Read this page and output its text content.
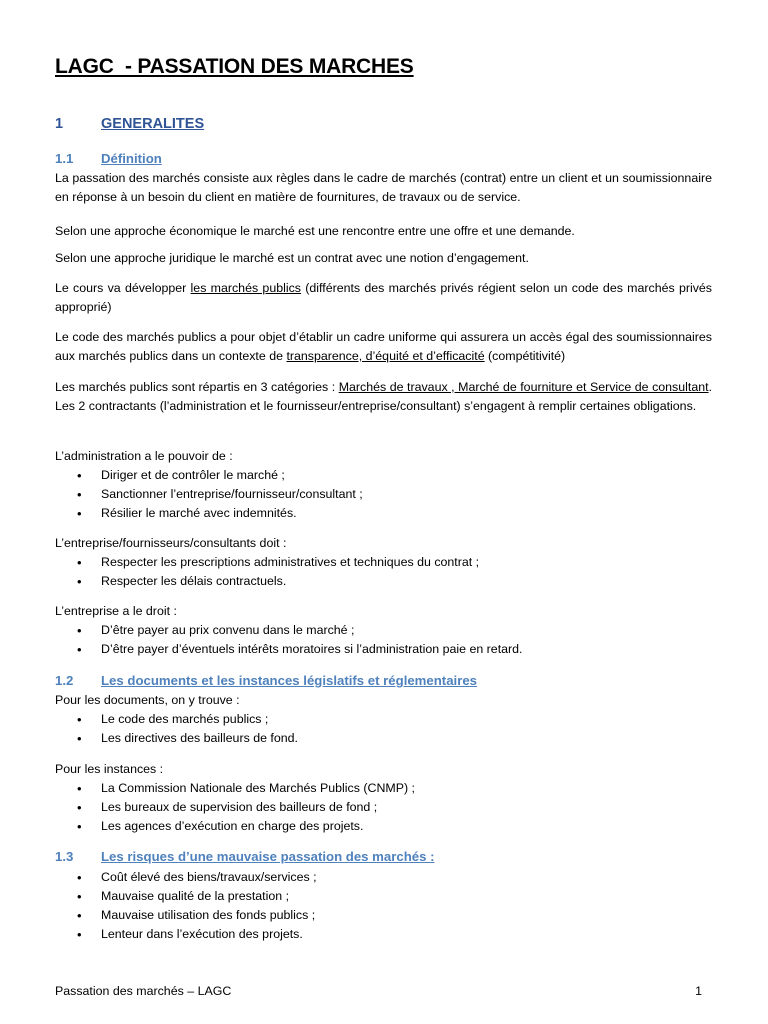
LAGC  - PASSATION DES MARCHES
1	GENERALITES
1.1 Définition

La passation des marchés consiste aux règles dans le cadre de marchés (contrat) entre un client et un soumissionnaire en réponse à un besoin du client en matière de fournitures, de travaux ou de service.

Selon une approche économique le marché est une rencontre entre une offre et une demande.

Selon une approche juridique le marché est un contrat avec une notion d’engagement.

Le cours va développer les marchés publics (différents des marchés privés régient selon un code des marchés privés approprié)

Le code des marchés publics a pour objet d’établir un cadre uniforme qui assurera un accès égal des soumissionnaires aux marchés publics dans un contexte de transparence, d’équité et d’efficacité (compétitivité)

Les marchés publics sont répartis en 3 catégories : Marchés de travaux , Marché de fourniture et Service de consultant. Les 2 contractants (l’administration et le fournisseur/entreprise/consultant) s’engagent à remplir certaines obligations.

L’administration a le pouvoir de :
• Diriger et de contrôler le marché ;
• Sanctionner l’entreprise/fournisseur/consultant ;
• Résilier le marché avec indemnités.
L’entreprise/fournisseurs/consultants doit :
• Respecter les prescriptions administratives et techniques du contrat ;
• Respecter les délais contractuels.
L’entreprise a le droit :
• D’être payer au prix convenu dans le marché ;
• D’être payer d’éventuels intérêts moratoires si l’administration paie en retard.
1.2 Les documents et les instances législatifs et réglementaires
Pour les documents, on y trouve :
• Le code des marchés publics ;
• Les directives des bailleurs de fond.
Pour les instances :
• La Commission Nationale des Marchés Publics (CNMP) ;
• Les bureaux de supervision des bailleurs de fond ;
• Les agences d’exécution en charge des projets.
1.3 Les risques d’une mauvaise passation des marchés :
• Coût élevé des biens/travaux/services ;
• Mauvaise qualité de la prestation ;
• Mauvaise utilisation des fonds publics ;
• Lenteur dans l’exécution des projets.
Passation des marchés – LAGC	1
